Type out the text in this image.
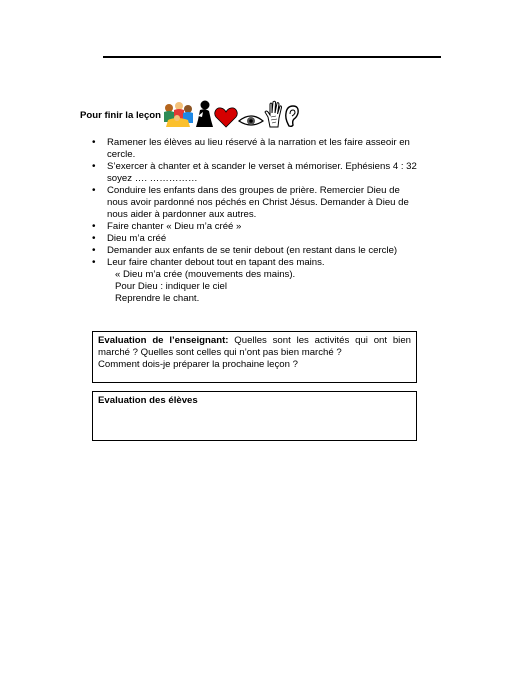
Pour finir la leçon
• Ramener les élèves au lieu réservé à la narration et les faire asseoir en
cercle.
• S’exercer à chanter et à scander le verset à mémoriser. Ephésiens 4 : 32
soyez …. ……………
• Conduire les enfants dans des groupes de prière. Remercier Dieu de
nous avoir pardonné nos péchés en Christ Jésus. Demander à Dieu de
nous aider à pardonner aux autres.
• Faire chanter « Dieu m’a créé »
• Dieu m’a créé
• Demander aux enfants de se tenir debout (en restant dans le cercle)
• Leur faire chanter debout tout en tapant des mains.
« Dieu m’a crée (mouvements des mains).
Pour Dieu : indiquer le ciel
Reprendre le chant.

Evaluation de l’enseignant: Quelles sont les activités qui ont bien marché ? Quelles sont celles qui n’ont pas bien marché ?

Comment dois-je préparer la prochaine leçon ?

Evaluation des élèves
